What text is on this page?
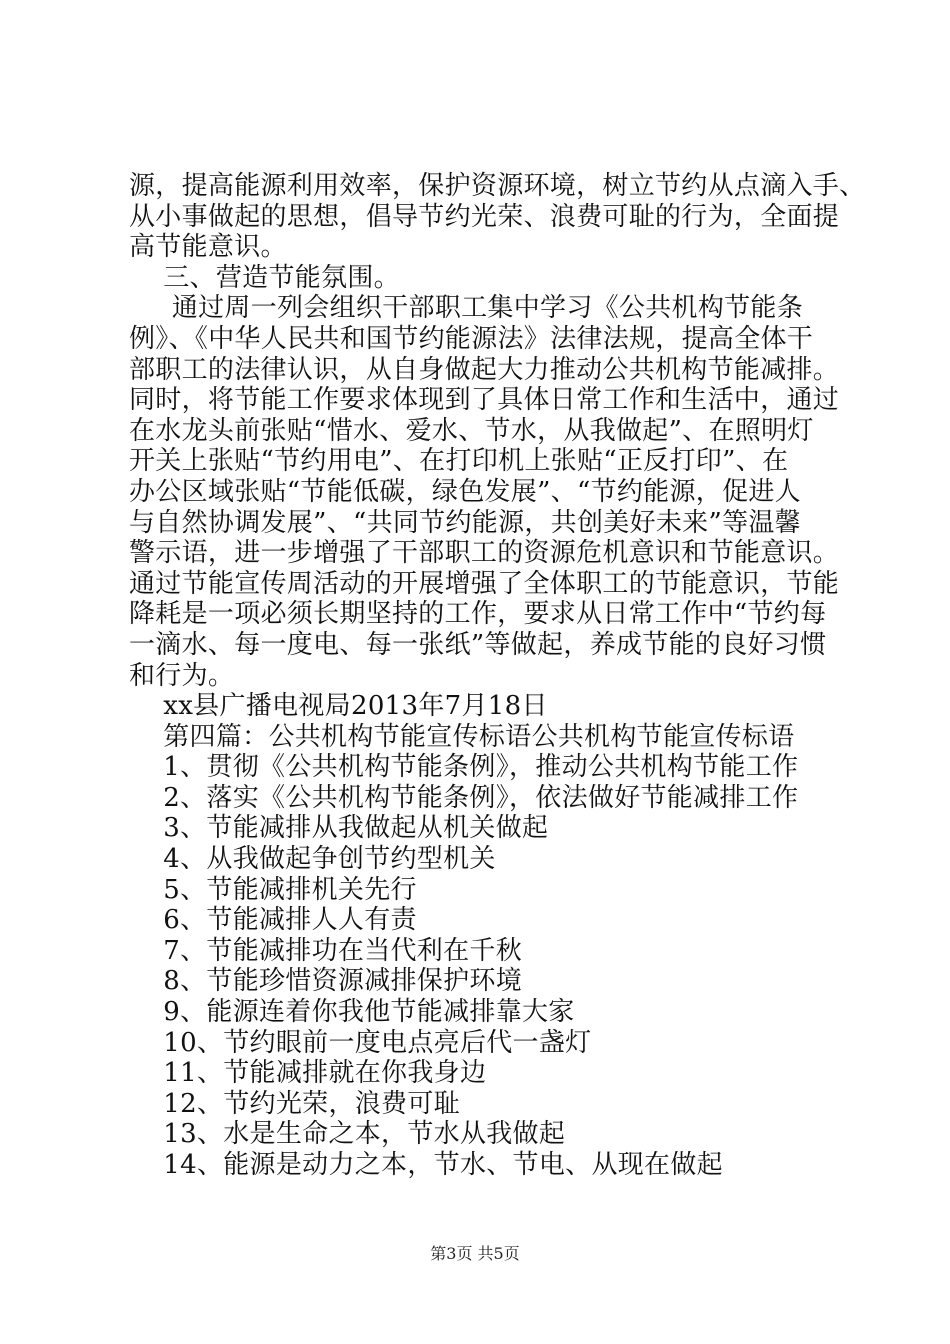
源，提高能源利用效率，保护资源环境，树立节约从点滴入手、
从小事做起的思想，倡导节约光荣、浪费可耻的行为，全面提
高节能意识。
三、营造节能氛围。
通过周一列会组织干部职工集中学习《公共机构节能条
例》、《中华人民共和国节约能源法》法律法规，提高全体干
部职工的法律认识，从自身做起大力推动公共机构节能减排。
同时，将节能工作要求体现到了具体日常工作和生活中，通过
在水龙头前张贴“惜水、爱水、节水，从我做起”、在照明灯
开关上张贴“节约用电”、在打印机上张贴“正反打印”、在
办公区域张贴“节能低碳，绿色发展”、“节约能源，促进人
与自然协调发展”、“共同节约能源，共创美好未来”等温馨
警示语，进一步增强了干部职工的资源危机意识和节能意识。
通过节能宣传周活动的开展增强了全体职工的节能意识，节能
降耗是一项必须长期坚持的工作，要求从日常工作中“节约每
一滴水、每一度电、每一张纸”等做起，养成节能的良好习惯
和行为。
xx县广播电视局2013年7月18日
第四篇：公共机构节能宣传标语公共机构节能宣传标语
1、贯彻《公共机构节能条例》，推动公共机构节能工作
2、落实《公共机构节能条例》，依法做好节能减排工作
3、节能减排从我做起从机关做起
4、从我做起争创节约型机关
5、节能减排机关先行
6、节能减排人人有责
7、节能减排功在当代利在千秋
8、节能珍惜资源减排保护环境
9、能源连着你我他节能减排靠大家
10、节约眼前一度电点亮后代一盏灯
11、节能减排就在你我身边
12、节约光荣，浪费可耻
13、水是生命之本，节水从我做起
14、能源是动力之本，节水、节电、从现在做起
第3页 共5页
